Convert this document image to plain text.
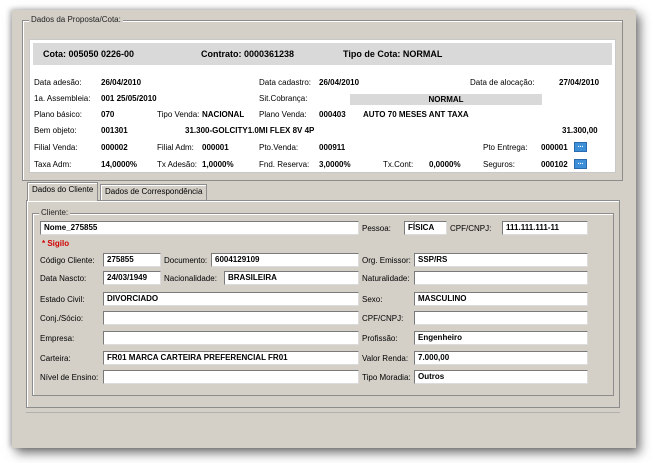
Dados da Proposta/Cota:
Cota: 005050 0226-00	Contrato: 0000361238	Tipo de Cota: NORMAL
Data adesão: 26/04/2010	Data cadastro: 26/04/2010	Data de alocação:	27/04/2010
1a. Assembleia: 001 25/05/2010	Sit.Cobrança:	NORMAL
Plano básico: 070	Tipo Venda: NACIONAL Plano Venda: 000403 AUTO 70 MESES ANT TAXA
Bem objeto:	001301	31.300-GOLCITY1.0MI FLEX 8V 4P	31.300,00
Filial Venda:	000002	Filial Adm: 000001	Pto.Venda:	000911	Pto Entrega: 000001	...
Taxa Adm:	14,0000% Tx Adesão: 1,0000%	Fnd. Reserva: 3,0000%	Tx.Cont: 0,0000%	Seguros:	000102	...
Dados do Cliente	Dados de Correspondência
Cliente:
Nome_275855	Pessoa:	FÍSICA	CPF/CNPJ:	111.111.111-11
* Sigilo
Código Cliente:	275855	Documento: 6004129109	Org. Emissor: SSP/RS
Data Nascto:	24/03/1949	Nacionalidade:	BRASILEIRA	Naturalidade:
Estado Civil:	DIVORCIADO	Sexo:	MASCULINO
Conj./Sócio:	CPF/CNPJ:
Empresa:	Profissão:	Engenheiro
Carteira:	FR01 MARCA CARTEIRA PREFERENCIAL FR01	Valor Renda:	7.000,00
Nível de Ensino:	Tipo Moradia: Outros
